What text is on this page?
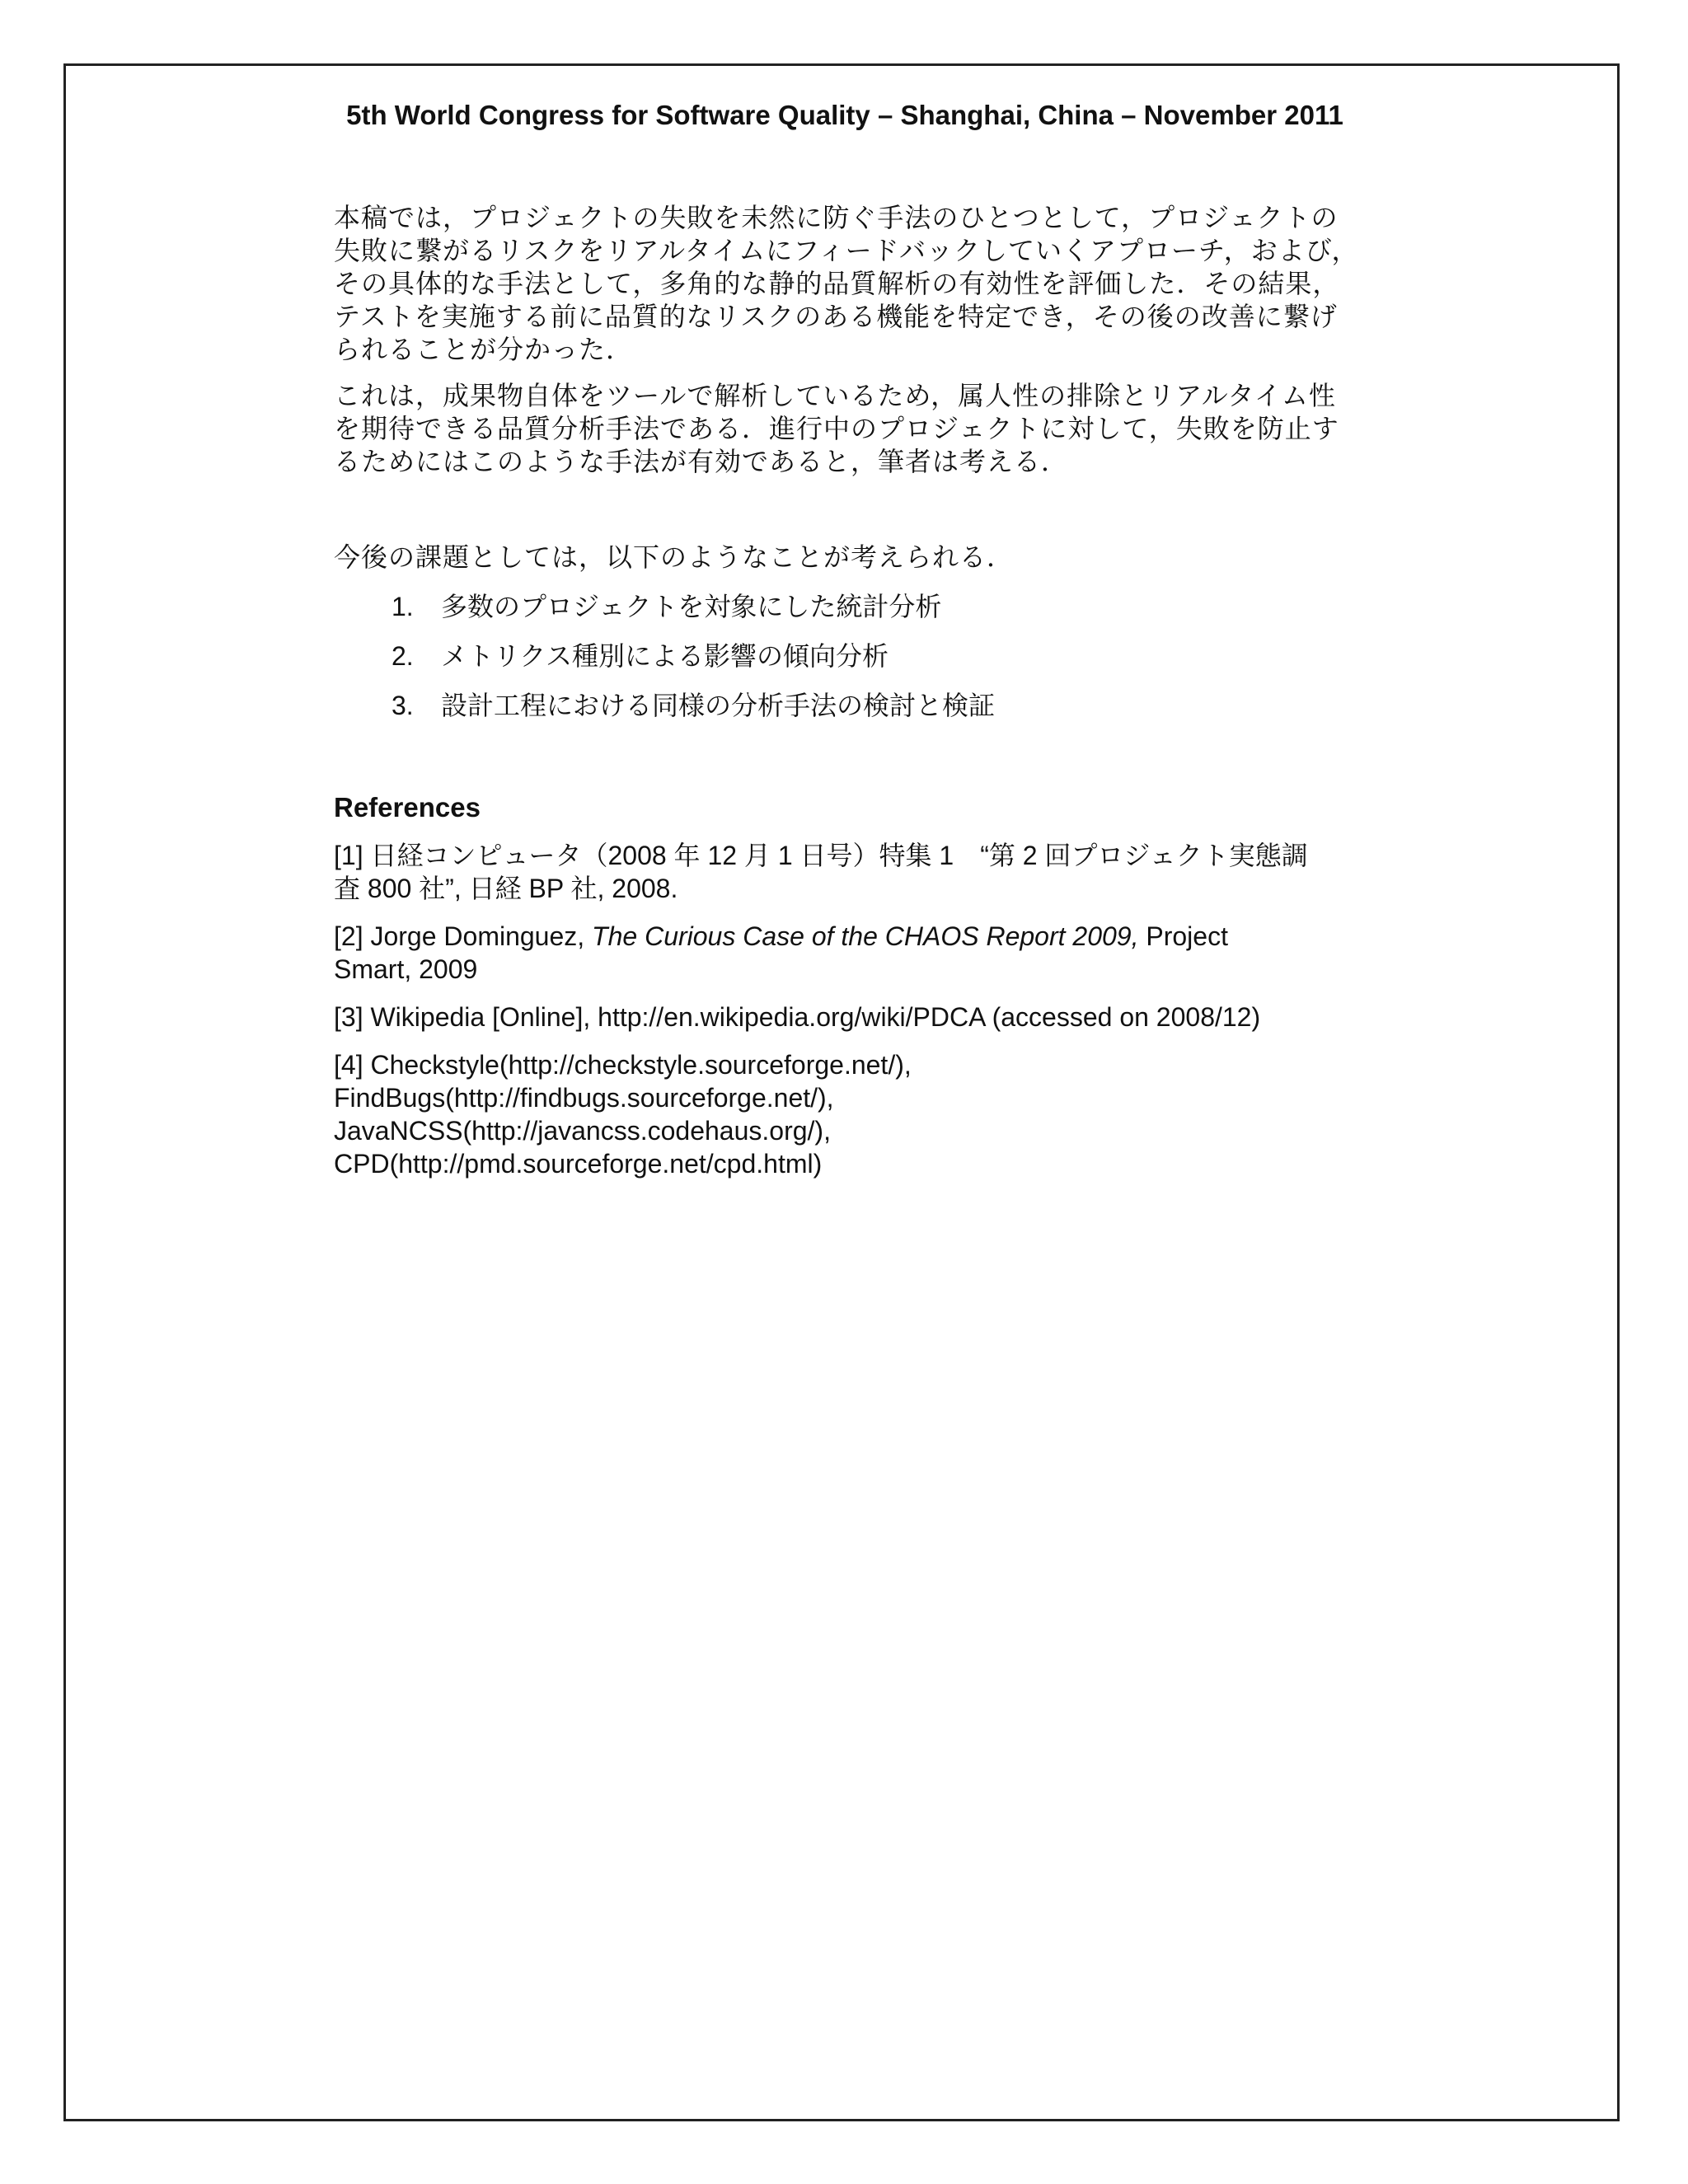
5th World Congress for Software Quality – Shanghai, China – November 2011

本稿では，プロジェクトの失敗を未然に防ぐ手法のひとつとして，プロジェクトの

失敗に繋がるリスクをリアルタイムにフィードバックしていくアプローチ，および，

その具体的な手法として，多角的な静的品質解析の有効性を評価した．その結果，

テストを実施する前に品質的なリスクのある機能を特定でき，その後の改善に繋げ

られることが分かった．

これは，成果物自体をツールで解析しているため，属人性の排除とリアルタイム性

を期待できる品質分析手法である．進行中のプロジェクトに対して，失敗を防止す

るためにはこのような手法が有効であると，筆者は考える．

今後の課題としては，以下のようなことが考えられる．

1.	多数のプロジェクトを対象にした統計分析
2.	メトリクス種別による影響の傾向分析
3.	設計工程における同様の分析手法の検討と検証
References

[1] 日経コンピュータ（2008 年 12 月 1 日号）特集 1　“第 2 回プロジェクト実態調

査 800 社”, 日経 BP 社, 2008.

[2] Jorge Dominguez, The Curious Case of the CHAOS Report 2009, Project

Smart, 2009

[3] Wikipedia [Online], http://en.wikipedia.org/wiki/PDCA (accessed on 2008/12)

[4] Checkstyle(http://checkstyle.sourceforge.net/),

FindBugs(http://findbugs.sourceforge.net/),

JavaNCSS(http://javancss.codehaus.org/),

CPD(http://pmd.sourceforge.net/cpd.html)
